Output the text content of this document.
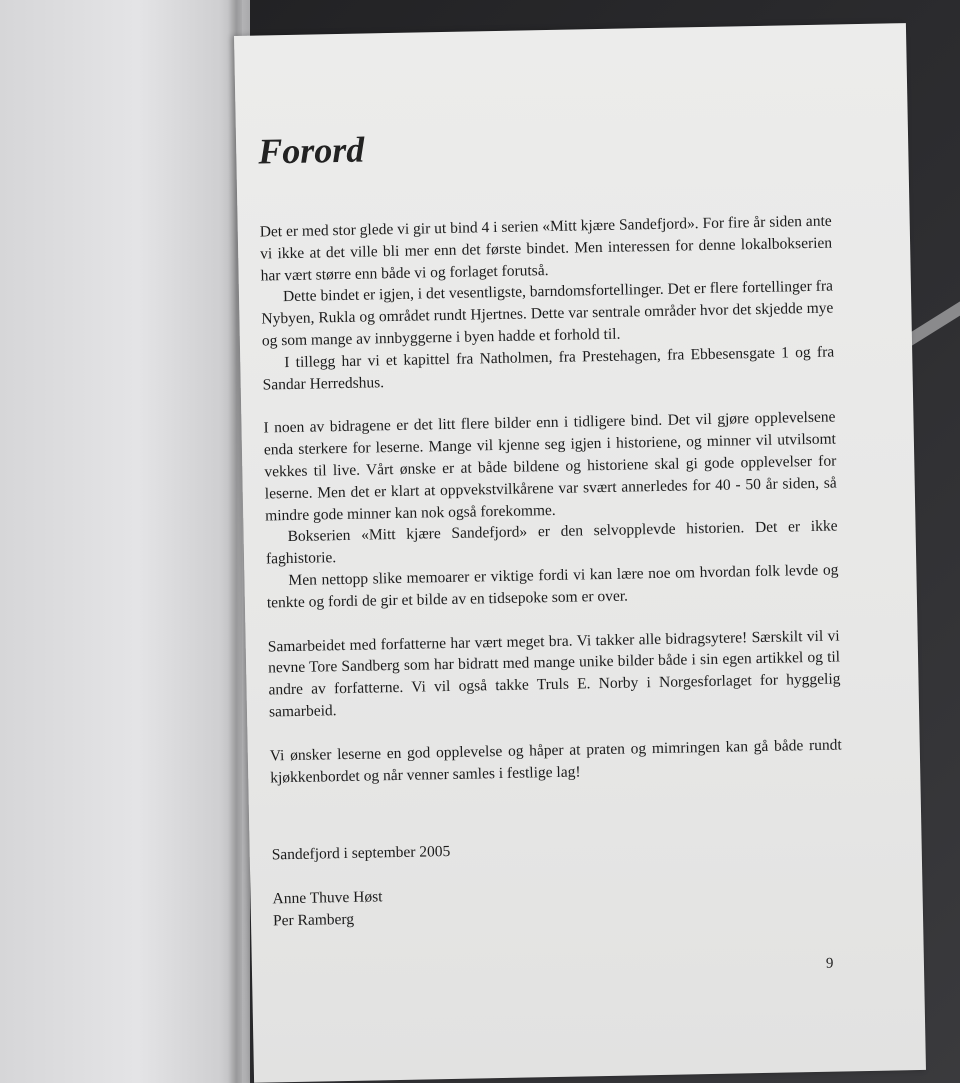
Forord

Det er med stor glede vi gir ut bind 4 i serien «Mitt kjære Sandefjord». For fire år siden ante vi ikke at det ville bli mer enn det første bindet. Men interessen for denne lokalbokserien har vært større enn både vi og forlaget forutså.

Dette bindet er igjen, i det vesentligste, barndomsfortellinger. Det er flere fortellinger fra Nybyen, Rukla og området rundt Hjertnes. Dette var sentrale områder hvor det skjedde mye og som mange av innbyggerne i byen hadde et forhold til.

I tillegg har vi et kapittel fra Natholmen, fra Prestehagen, fra Ebbesensgate 1 og fra Sandar Herredshus.

I noen av bidragene er det litt flere bilder enn i tidligere bind. Det vil gjøre opplevelsene enda sterkere for leserne. Mange vil kjenne seg igjen i historiene, og minner vil utvilsomt vekkes til live. Vårt ønske er at både bildene og historiene skal gi gode opplevelser for leserne. Men det er klart at oppvekstvilkårene var svært annerledes for 40 - 50 år siden, så mindre gode minner kan nok også forekomme.

Bokserien «Mitt kjære Sandefjord» er den selvopplevde historien. Det er ikke faghistorie.

Men nettopp slike memoarer er viktige fordi vi kan lære noe om hvordan folk levde og tenkte og fordi de gir et bilde av en tidsepoke som er over.

Samarbeidet med forfatterne har vært meget bra. Vi takker alle bidragsytere! Særskilt vil vi nevne Tore Sandberg som har bidratt med mange unike bilder både i sin egen artikkel og til andre av forfatterne. Vi vil også takke Truls E. Norby i Norgesforlaget for hyggelig samarbeid.

Vi ønsker leserne en god opplevelse og håper at praten og mimringen kan gå både rundt kjøkkenbordet og når venner samles i festlige lag!

Sandefjord i september 2005

Anne Thuve Høst
Per Ramberg
9
